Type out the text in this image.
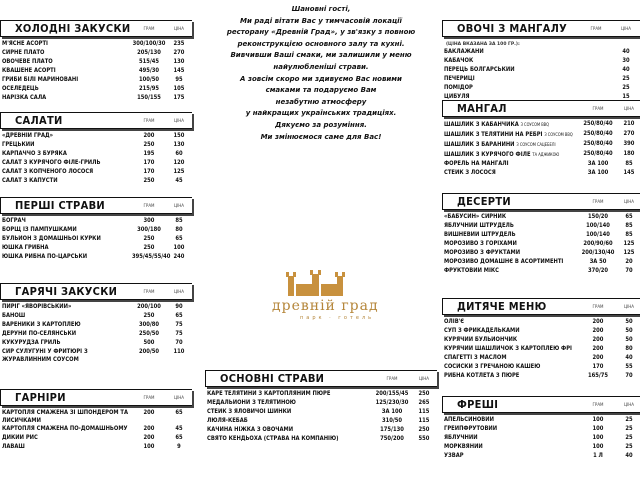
ХОЛОДНІ ЗАКУСКИ	ГРАМ	ЦІНА
М'ЯСНЕ АСОРТІ	300/100/30	235
СИРНЕ ПЛАТО	205/130	270
ОВОЧЕВЕ ПЛАТО	515/45	130
КВАШЕНЕ АСОРТІ	495/30	145
ГРИБИ БІЛІ МАРИНОВАНІ	100/50	95
ОСЕЛЕДЕЦЬ	215/95	105
НАРІЗКА САЛА	150/155	175
САЛАТИ	ГРАМ	ЦІНА
«ДРЕВНІЙ ГРАД»	200	150
ГРЕЦЬКИЙ	250	130
КАРПАЧЧО З БУРЯКА	195	60
САЛАТ З КУРЯЧОГО ФІЛЕ-ГРИЛЬ	170	120
САЛАТ З КОПЧЕНОГО ЛОСОСЯ	170	125
САЛАТ З КАПУСТИ	250	45
ПЕРШІ СТРАВИ	ГРАМ	ЦІНА
БОГРАЧ	300	85
БОРЩ ІЗ ПАМПУШКАМИ	300/180	80
БУЛЬЙОН З ДОМАШНЬОЇ КУРКИ	250	65
ЮШКА ГРИБНА	250	100
ЮШКА РИБНА ПО-ЦАРСЬКИ	395/45/55/40 240
ГАРЯЧІ ЗАКУСКИ	ГРАМ	ЦІНА
ПИРІГ «ЯВОРІВСЬКИЙ»	200/100	90
БАНОШ	250	65
ВАРЕНИКИ З КАРТОПЛЕЮ	300/80	75
ДЕРУНИ ПО-СЕЛЯНСЬКИ	250/50	75
КУКУРУДЗА ГРИЛЬ	500	70
СИР СУЛУГУНІ У ФРИТЮРІ З ЖУРАВЛИННИМ СОУСОМ
200/50	110
ГАРНІРИ	ГРАМ	ЦІНА
КАРТОПЛЯ СМАЖЕНА ЗІ ШПОНДЕРОМ ТА ЛИСИЧКАМИ
200	65
КАРТОПЛЯ СМАЖЕНА ПО-ДОМАШНЬОМУ	200	45
ДИКИЙ РИС	200	65
ЛАВАШ	100	9

Шановні гості,

Ми раді вітати Вас у тимчасовій локації

ресторану «Древній Град», у зв'язку з повною

реконструкцією основного залу та кухні.

Вивчивши Ваші смаки, ми залишили у меню

найулюбленіші страви.

А зовсім скоро ми здивуємо Вас новими

смаками та подаруємо Вам

незабутню атмосферу

у найкращих українських традиціях.

Дякуємо за розуміння.

Ми змінюємося саме для Вас!

древній град
парк · готель
ОСНОВНІ СТРАВИ	ГРАМ	ЦІНА
КАРЕ ТЕЛЯТИНИ З КАРТОПЛЯНИМ ПЮРЕ	200/155/45	250
МЕДАЛЬЙОНИ З ТЕЛЯТИНОЮ	125/230/30	265
СТЕЙК З ЯЛОВИЧОЇ ШИНКИ	ЗА 100	115
ЛЮЛЯ-КЕБАБ	310/50	115
КАЧИНА НІЖКА З ОВОЧАМИ	175/130	250
СВЯТО КЕНДЬОХА (СТРАВА НА КОМПАНІЮ)	750/200	550
ОВОЧІ З МАНГАЛУ	ГРАМ	ЦІНА
(ЦІНА ВКАЗАНА ЗА 100 ГР.):
БАКЛАЖАНИ	40
КАБАЧОК	30
ПЕРЕЦЬ БОЛГАРСЬКИЙ	40
ПЕЧЕРИЦІ	25
ПОМІДОР	25
ЦИБУЛЯ	15
МАНГАЛ	ГРАМ	ЦІНА
ШАШЛИК З КАБАНЧИКА З СОУСОМ BBQ	250/80/40	210
ШАШЛИК З ТЕЛЯТИНИ НА РЕБРІ З СОУСОМ BBQ	250/80/40	270
ШАШЛИК З БАРАНИНИ З СОУСОМ САЦЕБЕЛІ	250/80/40	390
ШАШЛИК З КУРЯЧОГО ФІЛЕ ТА АДЖИКОЮ	250/80/40	180
ФОРЕЛЬ НА МАНГАЛІ	ЗА 100	85
СТЕЙК З ЛОСОСЯ	ЗА 100	145
ДЕСЕРТИ	ГРАМ	ЦІНА
«БАБУСИН» СИРНИК	150/20	65
ЯБЛУЧНИЙ ШТРУДЕЛЬ	100/140	85
ВИШНЕВИЙ ШТРУДЕЛЬ	100/140	85
МОРОЗИВО З ГОРІХАМИ	200/90/60	125
МОРОЗИВО З ФРУКТАМИ	200/130/40	125
МОРОЗИВО ДОМАШНЄ В АСОРТИМЕНТІ	ЗА 50	20
ФРУКТОВИЙ МІКС	370/20	70
ДИТЯЧЕ МЕНЮ	ГРАМ	ЦІНА
ОЛІВ'Є	200	50
СУП З ФРИКАДЕЛЬКАМИ	200	50
КУРЯЧИЙ БУЛЬЙОНЧИК	200	50
КУРЯЧИЙ ШАШЛИЧОК З КАРТОПЛЕЮ ФРІ	200	80
СПАГЕТТІ З МАСЛОМ	200	40
СОСИСКИ З ГРЕЧАНОЮ КАШЕЮ	170	55
РИБНА КОТЛЕТА З ПЮРЕ	165/75	70
ФРЕШІ	ГРАМ	ЦІНА
АПЕЛЬСИНОВИЙ	100	25
ГРЕЙПФРУТОВИЙ	100	25
ЯБЛУЧНИЙ	100	25
МОРКВЯНИЙ	100	25
УЗВАР	1 Л	40
